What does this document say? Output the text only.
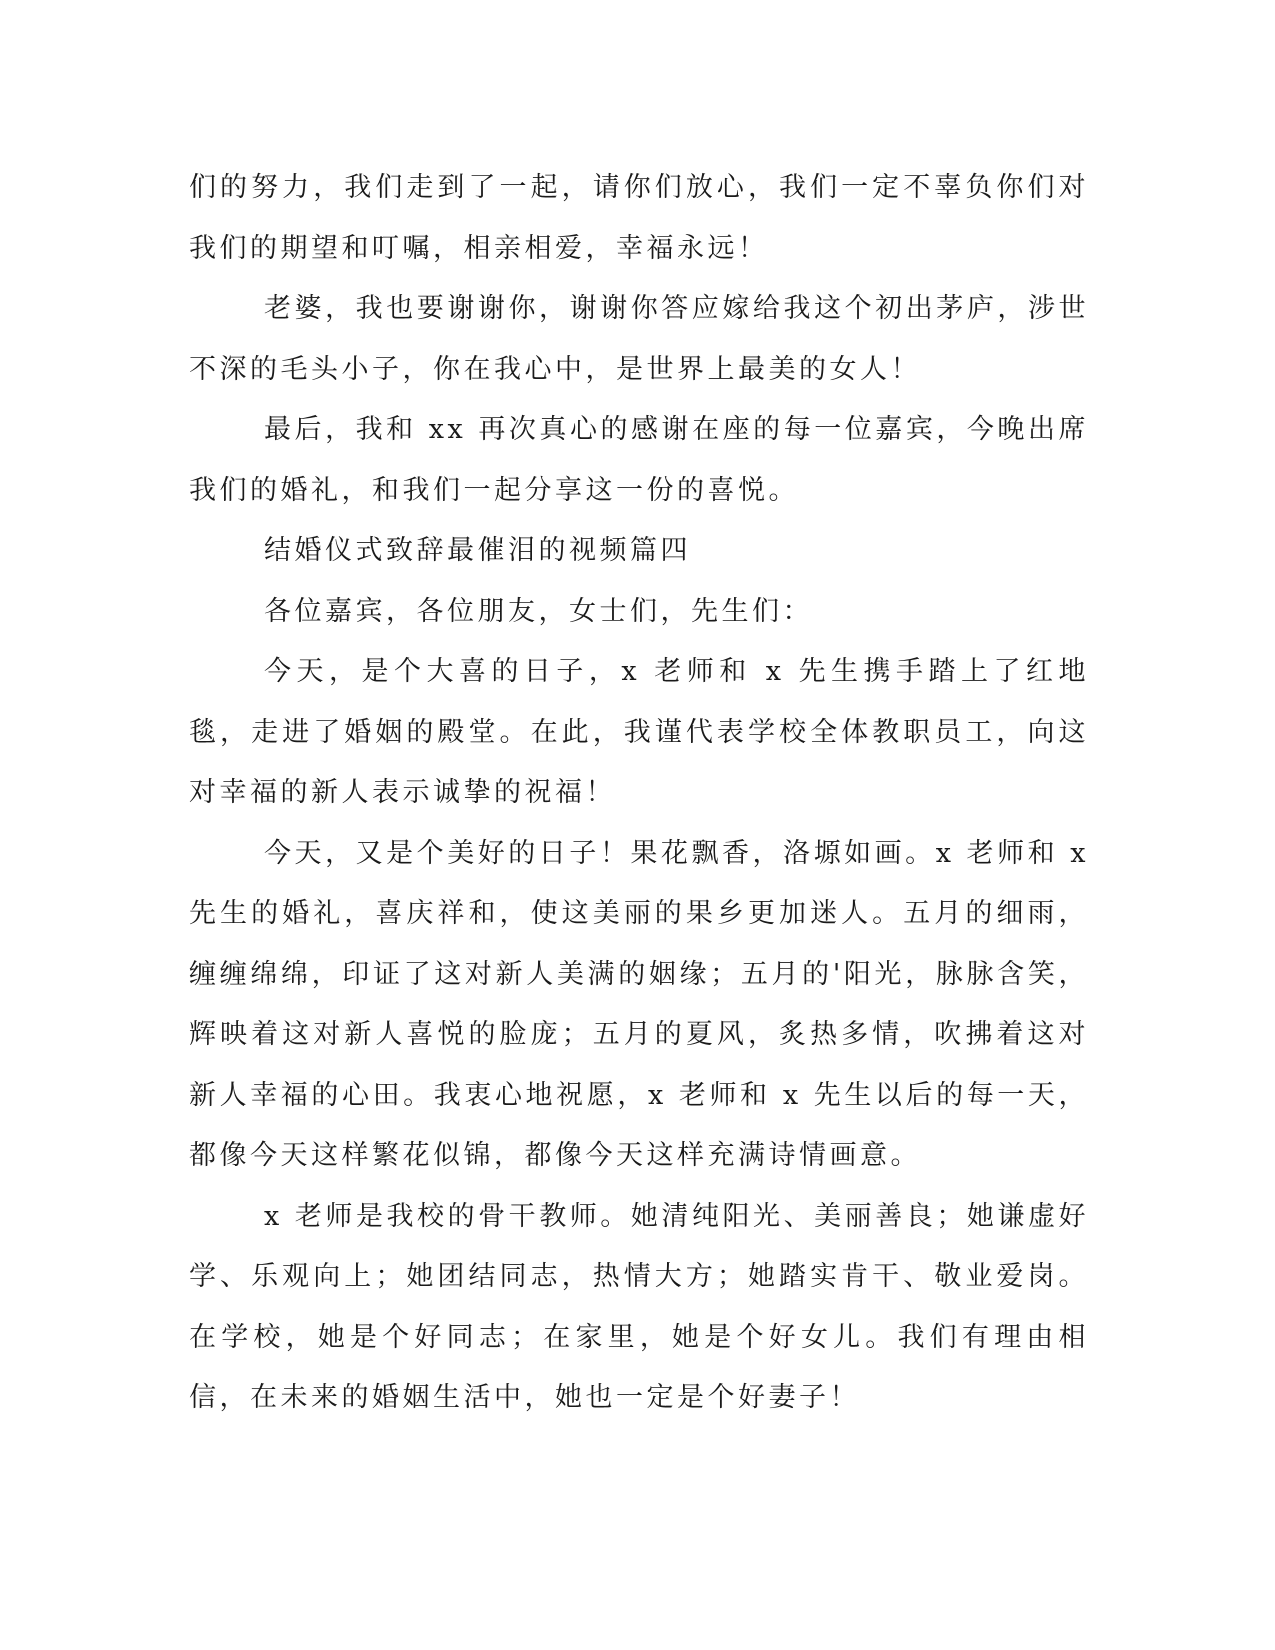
们的努力，我们走到了一起，请你们放心，我们一定不辜负你们对我们的期望和叮嘱，相亲相爱，幸福永远！

老婆，我也要谢谢你，谢谢你答应嫁给我这个初出茅庐，涉世不深的毛头小子，你在我心中，是世界上最美的女人！

最后，我和 xx 再次真心的感谢在座的每一位嘉宾，今晚出席我们的婚礼，和我们一起分享这一份的喜悦。

结婚仪式致辞最催泪的视频篇四

各位嘉宾，各位朋友，女士们，先生们：

今天，是个大喜的日子，x 老师和 x 先生携手踏上了红地毯，走进了婚姻的殿堂。在此，我谨代表学校全体教职员工，向这对幸福的新人表示诚挚的祝福！

今天，又是个美好的日子！果花飘香，洛塬如画。x 老师和 x 先生的婚礼，喜庆祥和，使这美丽的果乡更加迷人。五月的细雨，缠缠绵绵，印证了这对新人美满的姻缘；五月的'阳光，脉脉含笑，辉映着这对新人喜悦的脸庞；五月的夏风，炙热多情，吹拂着这对新人幸福的心田。我衷心地祝愿，x 老师和 x 先生以后的每一天，都像今天这样繁花似锦，都像今天这样充满诗情画意。

x 老师是我校的骨干教师。她清纯阳光、美丽善良；她谦虚好学、乐观向上；她团结同志，热情大方；她踏实肯干、敬业爱岗。在学校，她是个好同志；在家里，她是个好女儿。我们有理由相信，在未来的婚姻生活中，她也一定是个好妻子！
